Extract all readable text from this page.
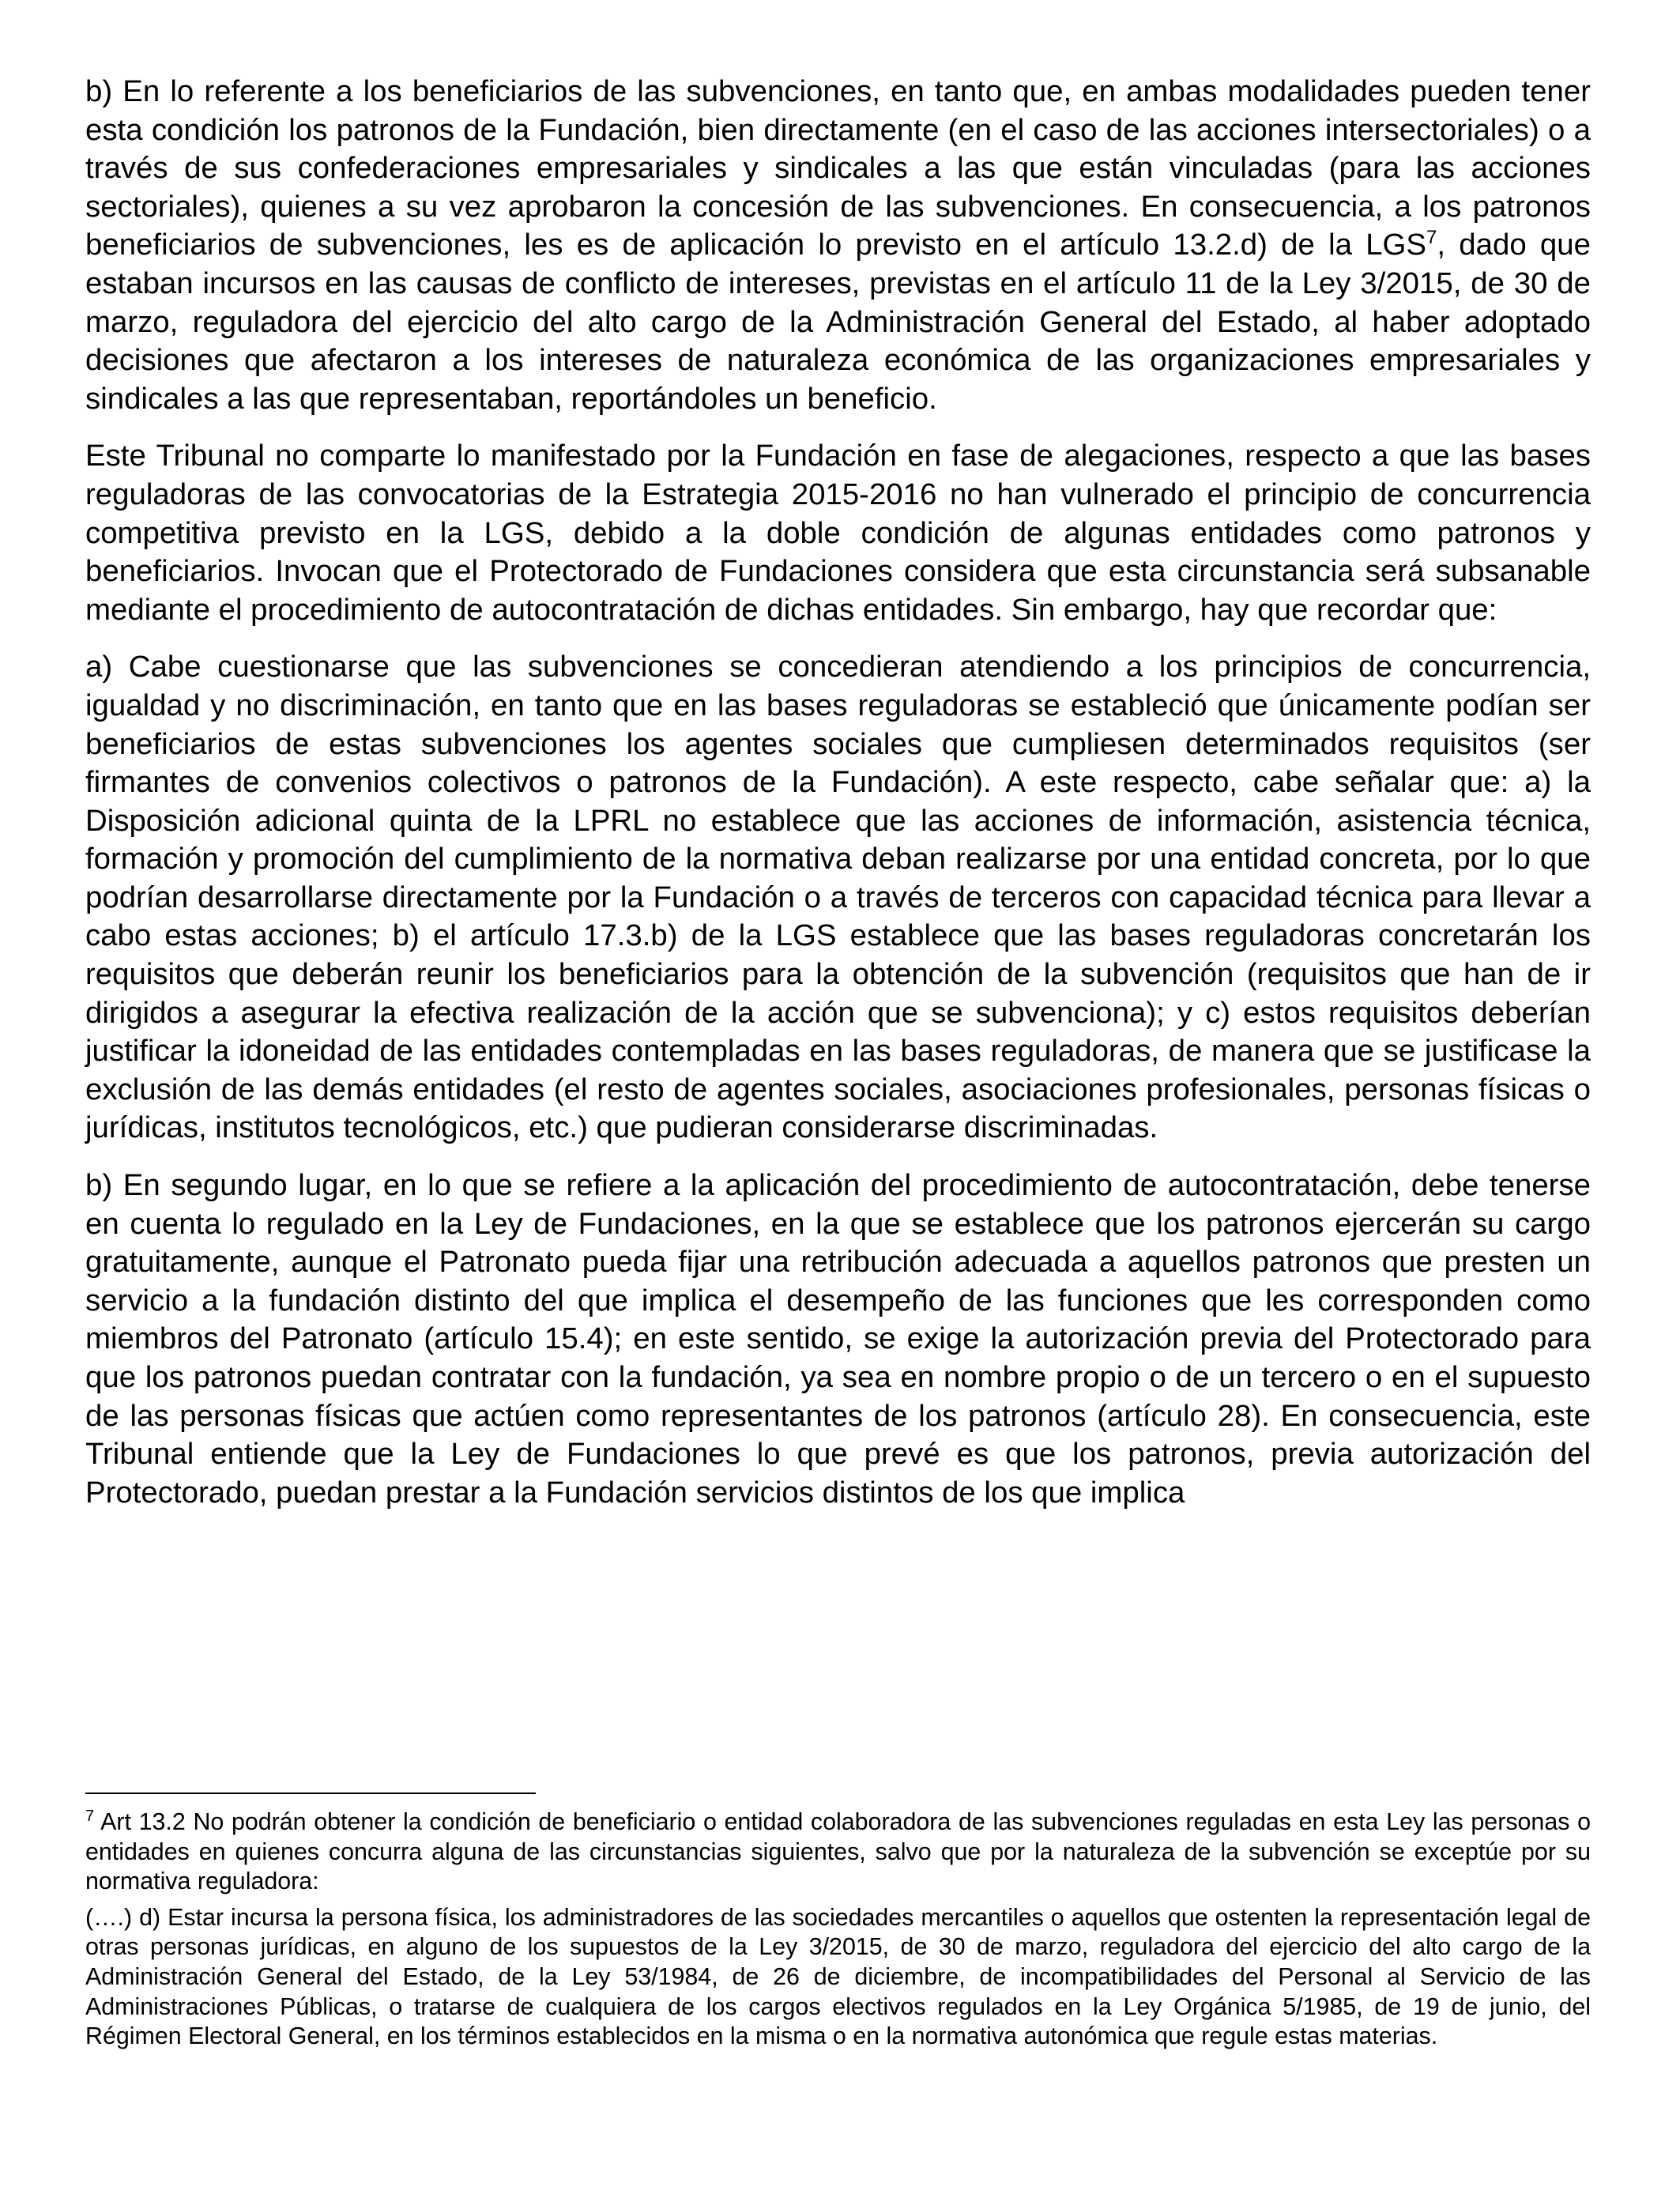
b) En lo referente a los beneficiarios de las subvenciones, en tanto que, en ambas modalidades pueden tener esta condición los patronos de la Fundación, bien directamente (en el caso de las acciones intersectoriales) o a través de sus confederaciones empresariales y sindicales a las que están vinculadas (para las acciones sectoriales), quienes a su vez aprobaron la concesión de las subvenciones. En consecuencia, a los patronos beneficiarios de subvenciones, les es de aplicación lo previsto en el artículo 13.2.d) de la LGS$^7$, dado que estaban incursos en las causas de conflicto de intereses, previstas en el artículo 11 de la Ley 3/2015, de 30 de marzo, reguladora del ejercicio del alto cargo de la Administración General del Estado, al haber adoptado decisiones que afectaron a los intereses de naturaleza económica de las organizaciones empresariales y sindicales a las que representaban, reportándoles un beneficio.

Este Tribunal no comparte lo manifestado por la Fundación en fase de alegaciones, respecto a que las bases reguladoras de las convocatorias de la Estrategia 2015-2016 no han vulnerado el principio de concurrencia competitiva previsto en la LGS, debido a la doble condición de algunas entidades como patronos y beneficiarios. Invocan que el Protectorado de Fundaciones considera que esta circunstancia será subsanable mediante el procedimiento de autocontratación de dichas entidades. Sin embargo, hay que recordar que:

a) Cabe cuestionarse que las subvenciones se concedieran atendiendo a los principios de concurrencia, igualdad y no discriminación, en tanto que en las bases reguladoras se estableció que únicamente podían ser beneficiarios de estas subvenciones los agentes sociales que cumpliesen determinados requisitos (ser firmantes de convenios colectivos o patronos de la Fundación). A este respecto, cabe señalar que: a) la Disposición adicional quinta de la LPRL no establece que las acciones de información, asistencia técnica, formación y promoción del cumplimiento de la normativa deban realizarse por una entidad concreta, por lo que podrían desarrollarse directamente por la Fundación o a través de terceros con capacidad técnica para llevar a cabo estas acciones; b) el artículo 17.3.b) de la LGS establece que las bases reguladoras concretarán los requisitos que deberán reunir los beneficiarios para la obtención de la subvención (requisitos que han de ir dirigidos a asegurar la efectiva realización de la acción que se subvenciona); y c) estos requisitos deberían justificar la idoneidad de las entidades contempladas en las bases reguladoras, de manera que se justificase la exclusión de las demás entidades (el resto de agentes sociales, asociaciones profesionales, personas físicas o jurídicas, institutos tecnológicos, etc.) que pudieran considerarse discriminadas.

b) En segundo lugar, en lo que se refiere a la aplicación del procedimiento de autocontratación, debe tenerse en cuenta lo regulado en la Ley de Fundaciones, en la que se establece que los patronos ejercerán su cargo gratuitamente, aunque el Patronato pueda fijar una retribución adecuada a aquellos patronos que presten un servicio a la fundación distinto del que implica el desempeño de las funciones que les corresponden como miembros del Patronato (artículo 15.4); en este sentido, se exige la autorización previa del Protectorado para que los patronos puedan contratar con la fundación, ya sea en nombre propio o de un tercero o en el supuesto de las personas físicas que actúen como representantes de los patronos (artículo 28). En consecuencia, este Tribunal entiende que la Ley de Fundaciones lo que prevé es que los patronos, previa autorización del Protectorado, puedan prestar a la Fundación servicios distintos de los que implica

$^7$ Art 13.2 No podrán obtener la condición de beneficiario o entidad colaboradora de las subvenciones reguladas en esta Ley las personas o entidades en quienes concurra alguna de las circunstancias siguientes, salvo que por la naturaleza de la subvención se exceptúe por su normativa reguladora:

(….) d) Estar incursa la persona física, los administradores de las sociedades mercantiles o aquellos que ostenten la representación legal de otras personas jurídicas, en alguno de los supuestos de la Ley 3/2015, de 30 de marzo, reguladora del ejercicio del alto cargo de la Administración General del Estado, de la Ley 53/1984, de 26 de diciembre, de incompatibilidades del Personal al Servicio de las Administraciones Públicas, o tratarse de cualquiera de los cargos electivos regulados en la Ley Orgánica 5/1985, de 19 de junio, del Régimen Electoral General, en los términos establecidos en la misma o en la normativa autonómica que regule estas materias.
